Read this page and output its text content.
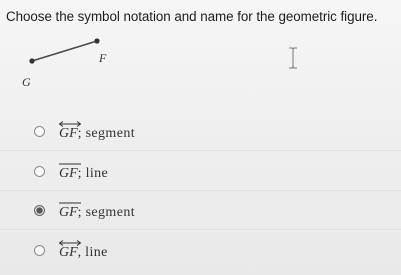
Choose the symbol notation and name for the geometric figure.
F
G
GF; segment
GF; line
GF; segment
GF, line
